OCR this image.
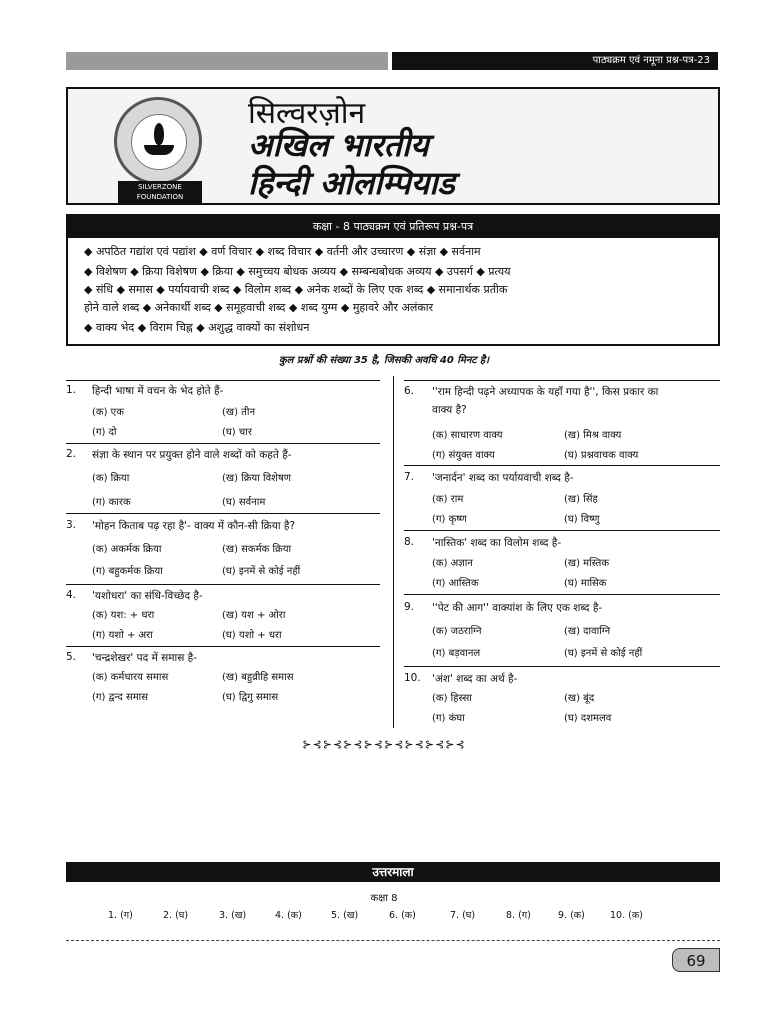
पाठ्यक्रम एवं नमूना प्रश्न-पत्र-23
SILVERZONE
FOUNDATION
सिल्वरज़ोन
अखिल भारतीय
हिन्दी ओलम्पियाड
कक्षा - 8 पाठ्यक्रम एवं प्रतिरूप प्रश्न-पत्र
◆ अपठित गद्यांश एवं पद्यांश ◆ वर्ण विचार ◆ शब्द विचार ◆ वर्तनी और उच्चारण ◆ संज्ञा ◆ सर्वनाम
◆ विशेषण ◆ क्रिया विशेषण ◆ क्रिया ◆ समुच्चय बोधक अव्यय ◆ सम्बन्धबोधक अव्यय ◆ उपसर्ग ◆ प्रत्यय
◆ संधि ◆ समास ◆ पर्यायवाची शब्द ◆ विलोम शब्द ◆ अनेक शब्दों के लिए एक शब्द ◆ समानार्थक प्रतीक
होने वाले शब्द ◆ अनेकार्थी शब्द ◆ समूहवाची शब्द ◆ शब्द युग्म ◆ मुहावरे और अलंकार
◆ वाक्य भेद ◆ विराम चिह्न ◆ अशुद्ध वाक्यों का संशोधन
कुल प्रश्नों की संख्या 35 है, जिसकी अवधि 40 मिनट है।
1. हिन्दी भाषा में वचन के भेद होते हैं-
(क) एक	(ख) तीन
(ग) दो	(घ) चार
2. संज्ञा के स्थान पर प्रयुक्त होने वाले शब्दों को कहते हैं-
(क) क्रिया	(ख) क्रिया विशेषण
(ग) कारक	(घ) सर्वनाम
3. 'मोहन किताब पढ़ रहा है'- वाक्य में कौन-सी क्रिया है?
(क) अकर्मक क्रिया	(ख) सकर्मक क्रिया
(ग) बहुकर्मक क्रिया	(घ) इनमें से कोई नहीं
4. 'यशोधरा' का संधि-विच्छेद है-
(क) यश: + धरा	(ख) यश + ओरा
(ग) यशो + अरा	(घ) यशो + धरा
5. 'चन्द्रशेखर' पद में समास है-
(क) कर्मधारय समास	(ख) बहुव्रीहि समास
(ग) द्वन्द समास	(घ) द्विगु समास
6. ''राम हिन्दी पढ़ने अध्यापक के यहाँ गया है'', किस प्रकार का
वाक्य है?
(क) साधारण वाक्य	(ख) मिश्र वाक्य
(ग) संयुक्त वाक्य	(घ) प्रश्नवाचक वाक्य
7. 'जनार्दन' शब्द का पर्यायवाची शब्द है-
(क) राम	(ख) सिंह
(ग) कृष्ण	(घ) विष्णु
8. 'नास्तिक' शब्द का विलोम शब्द है-
(क) अज्ञान	(ख) मस्तिक
(ग) आस्तिक	(घ) मासिक
9. ''पेट की आग'' वाक्यांश के लिए एक शब्द है-
(क) जठराग्नि	(ख) दावाग्नि
(ग) बड़वानल	(घ) इनमें से कोई नहीं
10. 'अंश' शब्द का अर्थ है-
(क) हिस्सा	(ख) बूंद
(ग) कंघा	(घ) दशमलव
⊱⊰⊱⊰⊱⊰⊱⊰⊱⊰⊱⊰⊱⊰⊱⊰
उत्तरमाला
कक्षा 8
1. (ग)	2. (घ)	3. (ख)	4. (क)	5. (ख)	6. (क)	7. (घ)	8. (ग)	9. (क)	10. (क)
69
